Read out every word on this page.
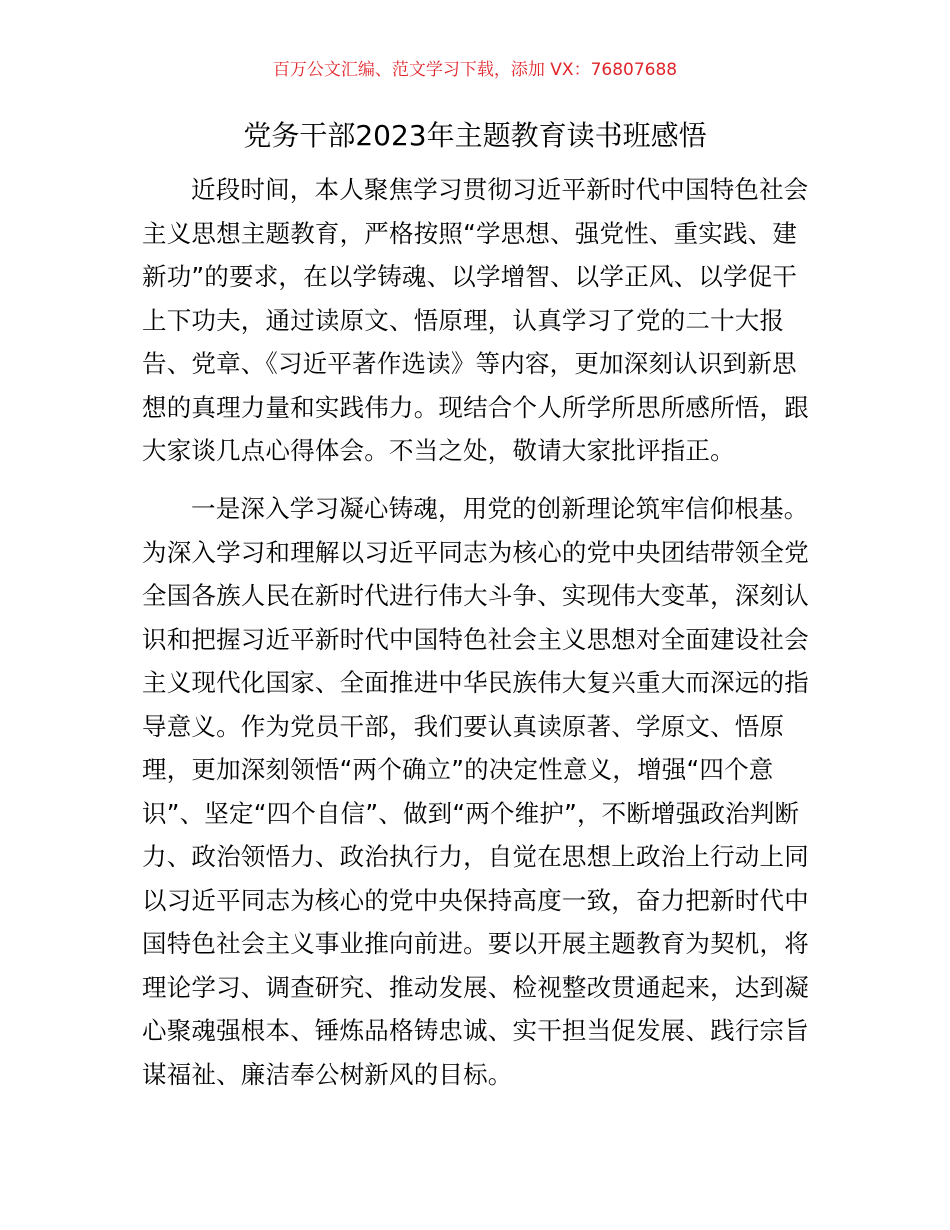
百万公文汇编、范文学习下载，添加 VX：76807688
党务干部2023年主题教育读书班感悟
近段时间，本人聚焦学习贯彻习近平新时代中国特色社会
主义思想主题教育，严格按照“学思想、强党性、重实践、建
新功”的要求，在以学铸魂、以学增智、以学正风、以学促干
上下功夫，通过读原文、悟原理，认真学习了党的二十大报
告、党章、《习近平著作选读》等内容，更加深刻认识到新思
想的真理力量和实践伟力。现结合个人所学所思所感所悟，跟
大家谈几点心得体会。不当之处，敬请大家批评指正。
一是深入学习凝心铸魂，用党的创新理论筑牢信仰根基。
为深入学习和理解以习近平同志为核心的党中央团结带领全党
全国各族人民在新时代进行伟大斗争、实现伟大变革，深刻认
识和把握习近平新时代中国特色社会主义思想对全面建设社会
主义现代化国家、全面推进中华民族伟大复兴重大而深远的指
导意义。作为党员干部，我们要认真读原著、学原文、悟原
理，更加深刻领悟“两个确立”的决定性意义，增强“四个意
识”、坚定“四个自信”、做到“两个维护”，不断增强政治判断
力、政治领悟力、政治执行力，自觉在思想上政治上行动上同
以习近平同志为核心的党中央保持高度一致，奋力把新时代中
国特色社会主义事业推向前进。要以开展主题教育为契机，将
理论学习、调查研究、推动发展、检视整改贯通起来，达到凝
心聚魂强根本、锤炼品格铸忠诚、实干担当促发展、践行宗旨
谋福祉、廉洁奉公树新风的目标。
